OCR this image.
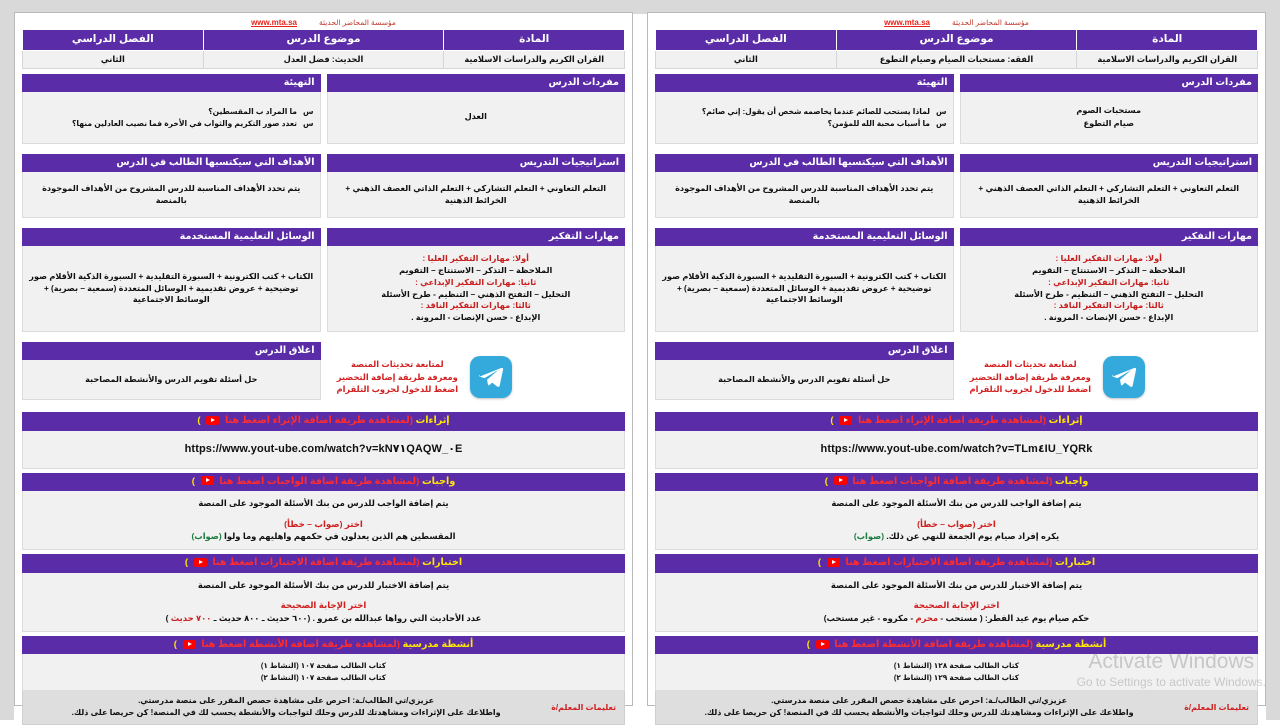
مؤسسة المحاضر الحديثة
www.mta.sa
المادة	موضوع الدرس	الفصل الدراسي
القران الكريم والدراسات الاسلامية	الفقه: مستحبات الصيام وصيام التطوع	الثاني
مفردات الدرس
مستحبات الصوم
صيام التطوع
التهيئة
س
لماذا يستحب للصائم عندما يخاصمه شخص أن يقول: إني صائم؟
س
ما أسباب محبة الله للمؤمن؟
استراتيجيات التدريس
التعلم التعاوني + التعلم التشاركي + التعلم الذاتي العصف الذهني + الخرائط الذهنية
الأهداف التي سيكتسبها الطالب في الدرس
يتم تحدد الأهداف المناسبة للدرس المشروح من الأهداف الموجودة بالمنصة
مهارات التفكير
أولا: مهارات التفكير العليا :
الملاحظة – التذكر – الاستنتاج – التقويم
ثانيا: مهارات التفكير الإبداعي :
التحليل – التفتح الذهني – التنظيم - طرح الأسئلة
ثالثا: مهارات التفكير الناقد :
الإبداع - حسن الإنصات - المرونة .
الوسائل التعليمية المستخدمة
الكتاب + كتب الكترونية + السبورة التقليدية + السبورة الذكية الأقلام صور توضيحية + عروض تقديمية + الوسائل المتعددة (سمعية – بصرية) + الوسائط الاجتماعية
لمتابعة تحديثات المنصة
ومعرفة طريقة إضافة التحضير
اضغط للدخول لجروب التلقرام
اغلاق الدرس
حل أسئلة تقويم الدرس والأنشطة المصاحبة
إثراءات (لمشاهدة طريقة اضافة الإثراء اضغط هنا  )
https://www.yout-ube.com/watch?v=TLm٤IU_YQRk
واجبات (لمشاهدة طريقة اضافة الواجبات اضغط هنا  )
يتم إضافة الواجب للدرس من بنك الأسئلة الموجود على المنصة
اختر (صواب – خطأ)
يكره إفراد صيام يوم الجمعة للنهي عن ذلك. (صواب)
اختبارات (لمشاهدة طريقة اضافة الاختبارات اضغط هنا  )
يتم إضافة الاختبار للدرس من بنك الأسئلة الموجود على المنصة
اختر الإجابة الصحيحة
حكم صيام يوم عيد الفطر: ( مستحب - محرم - مكروه - غير مستحب)
أنشطة مدرسية (لمشاهدة طريقة اضافة الأنشطة اضغط هنا  )
كتاب الطالب صفحة ١٢٨ (النشاط ١)
كتاب الطالب صفحة ١٢٩ (النشاط ٢)
تعليمات المعلم/ة
عزيزي/تي الطالب/ـة: احرص على مشاهدة حصص المقرر على منصة مدرستي.
واطلاعك على الإثراءات ومشاهدتك للدرس وحلك لتواجبات والأنشطة يحسب لك في المنصة! كن حريصا على ذلك.
مؤسسة المحاضر الحديثة
www.mta.sa
المادة	موضوع الدرس	الفصل الدراسي
القران الكريم والدراسات الاسلامية	الحديث: فضل العدل	الثاني
مفردات الدرس
العدل
التهيئة
س
ما المراد ب المقسطين؟
س
تعدد صور التكريم والثواب في الأخرة فما نصيب العادلين منها؟
استراتيجيات التدريس
التعلم التعاوني + التعلم التشاركي + التعلم الذاتي العصف الذهني + الخرائط الذهنية
الأهداف التي سيكتسبها الطالب في الدرس
يتم تحدد الأهداف المناسبة للدرس المشروح من الأهداف الموجودة بالمنصة
مهارات التفكير
أولا: مهارات التفكير العليا :
الملاحظة – التذكر – الاستنتاج – التقويم
ثانيا: مهارات التفكير الإبداعي :
التحليل – التفتح الذهني – التنظيم - طرح الأسئلة
ثالثا: مهارات التفكير الناقد :
الإبداع - حسن الإنصات - المرونة .
الوسائل التعليمية المستخدمة
الكتاب + كتب الكترونية + السبورة التقليدية + السبورة الذكية الأقلام صور توضيحية + عروض تقديمية + الوسائل المتعددة (سمعية – بصرية) + الوسائط الاجتماعية
لمتابعة تحديثات المنصة
ومعرفة طريقة إضافة التحضير
اضغط للدخول لجروب التلقرام
اغلاق الدرس
حل أسئلة تقويم الدرس والأنشطة المصاحبة
إثراءات (لمشاهدة طريقة اضافة الإثراء اضغط هنا  )
https://www.yout-ube.com/watch?v=kN٧١QAQW_٠E
واجبات (لمشاهدة طريقة اضافة الواجبات اضغط هنا  )
يتم إضافة الواجب للدرس من بنك الأسئلة الموجود على المنصة
اختر (صواب – خطأ)
المقسطين هم الذين يعدلون في حكمهم واهليهم وما ولوا (صواب)
اختبارات (لمشاهدة طريقة اضافة الاختبارات اضغط هنا  )
يتم إضافة الاختبار للدرس من بنك الأسئلة الموجود على المنصة
اختر الإجابة الصحيحة
عدد الأحاديث التي رواها عبدالله بن عمرو . (٦٠٠ حديث ـ ٨٠٠ حديث ـ ٧٠٠ حديث )
أنشطة مدرسية (لمشاهدة طريقة اضافة الأنشطة اضغط هنا  )
كتاب الطالب صفحة ١٠٧ (النشاط ١)
كتاب الطالب صفحة ١٠٧ (النشاط ٢)
تعليمات المعلم/ة
عزيزي/تي الطالب/ـة: احرص على مشاهدة حصص المقرر على منصة مدرستي.
واطلاعك على الإثراءات ومشاهدتك للدرس وحلك لتواجبات والأنشطة يحسب لك في المنصة! كن حريصا على ذلك.
Activate Windows
Go to Settings to activate Windows.
